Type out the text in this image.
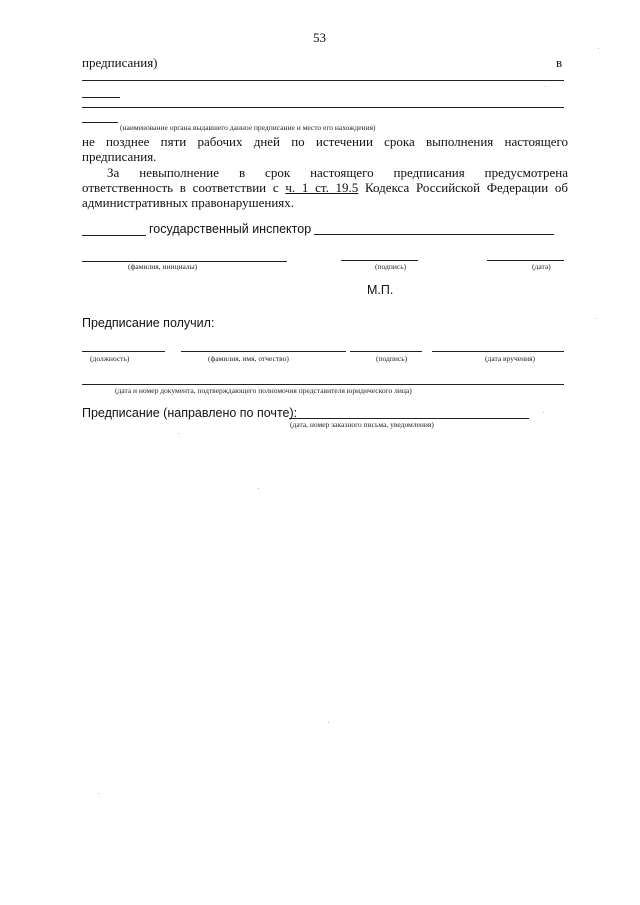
53
предписания)	в
(наименование органа выдавшего данное предписание и место его нахождения)
не позднее пяти рабочих дней по истечении срока выполнения настоящего
предписания.
За невыполнение в срок настоящего предписания предусмотрена
ответственность в соответствии с ч. 1 ст. 19.5 Кодекса Российской Федерации об
административных правонарушениях.
государственный инспектор
(фамилия, инициалы)	(подпись)	(дата)
М.П.
Предписание получил:
(должность)	(фамилия, имя, отчество)	(подпись)	(дата вручения)
(дата и номер документа, подтверждающего полномочия представителя юридического лица)
Предписание (направлено по почте):
(дата, номер заказного письма, уведомления)
